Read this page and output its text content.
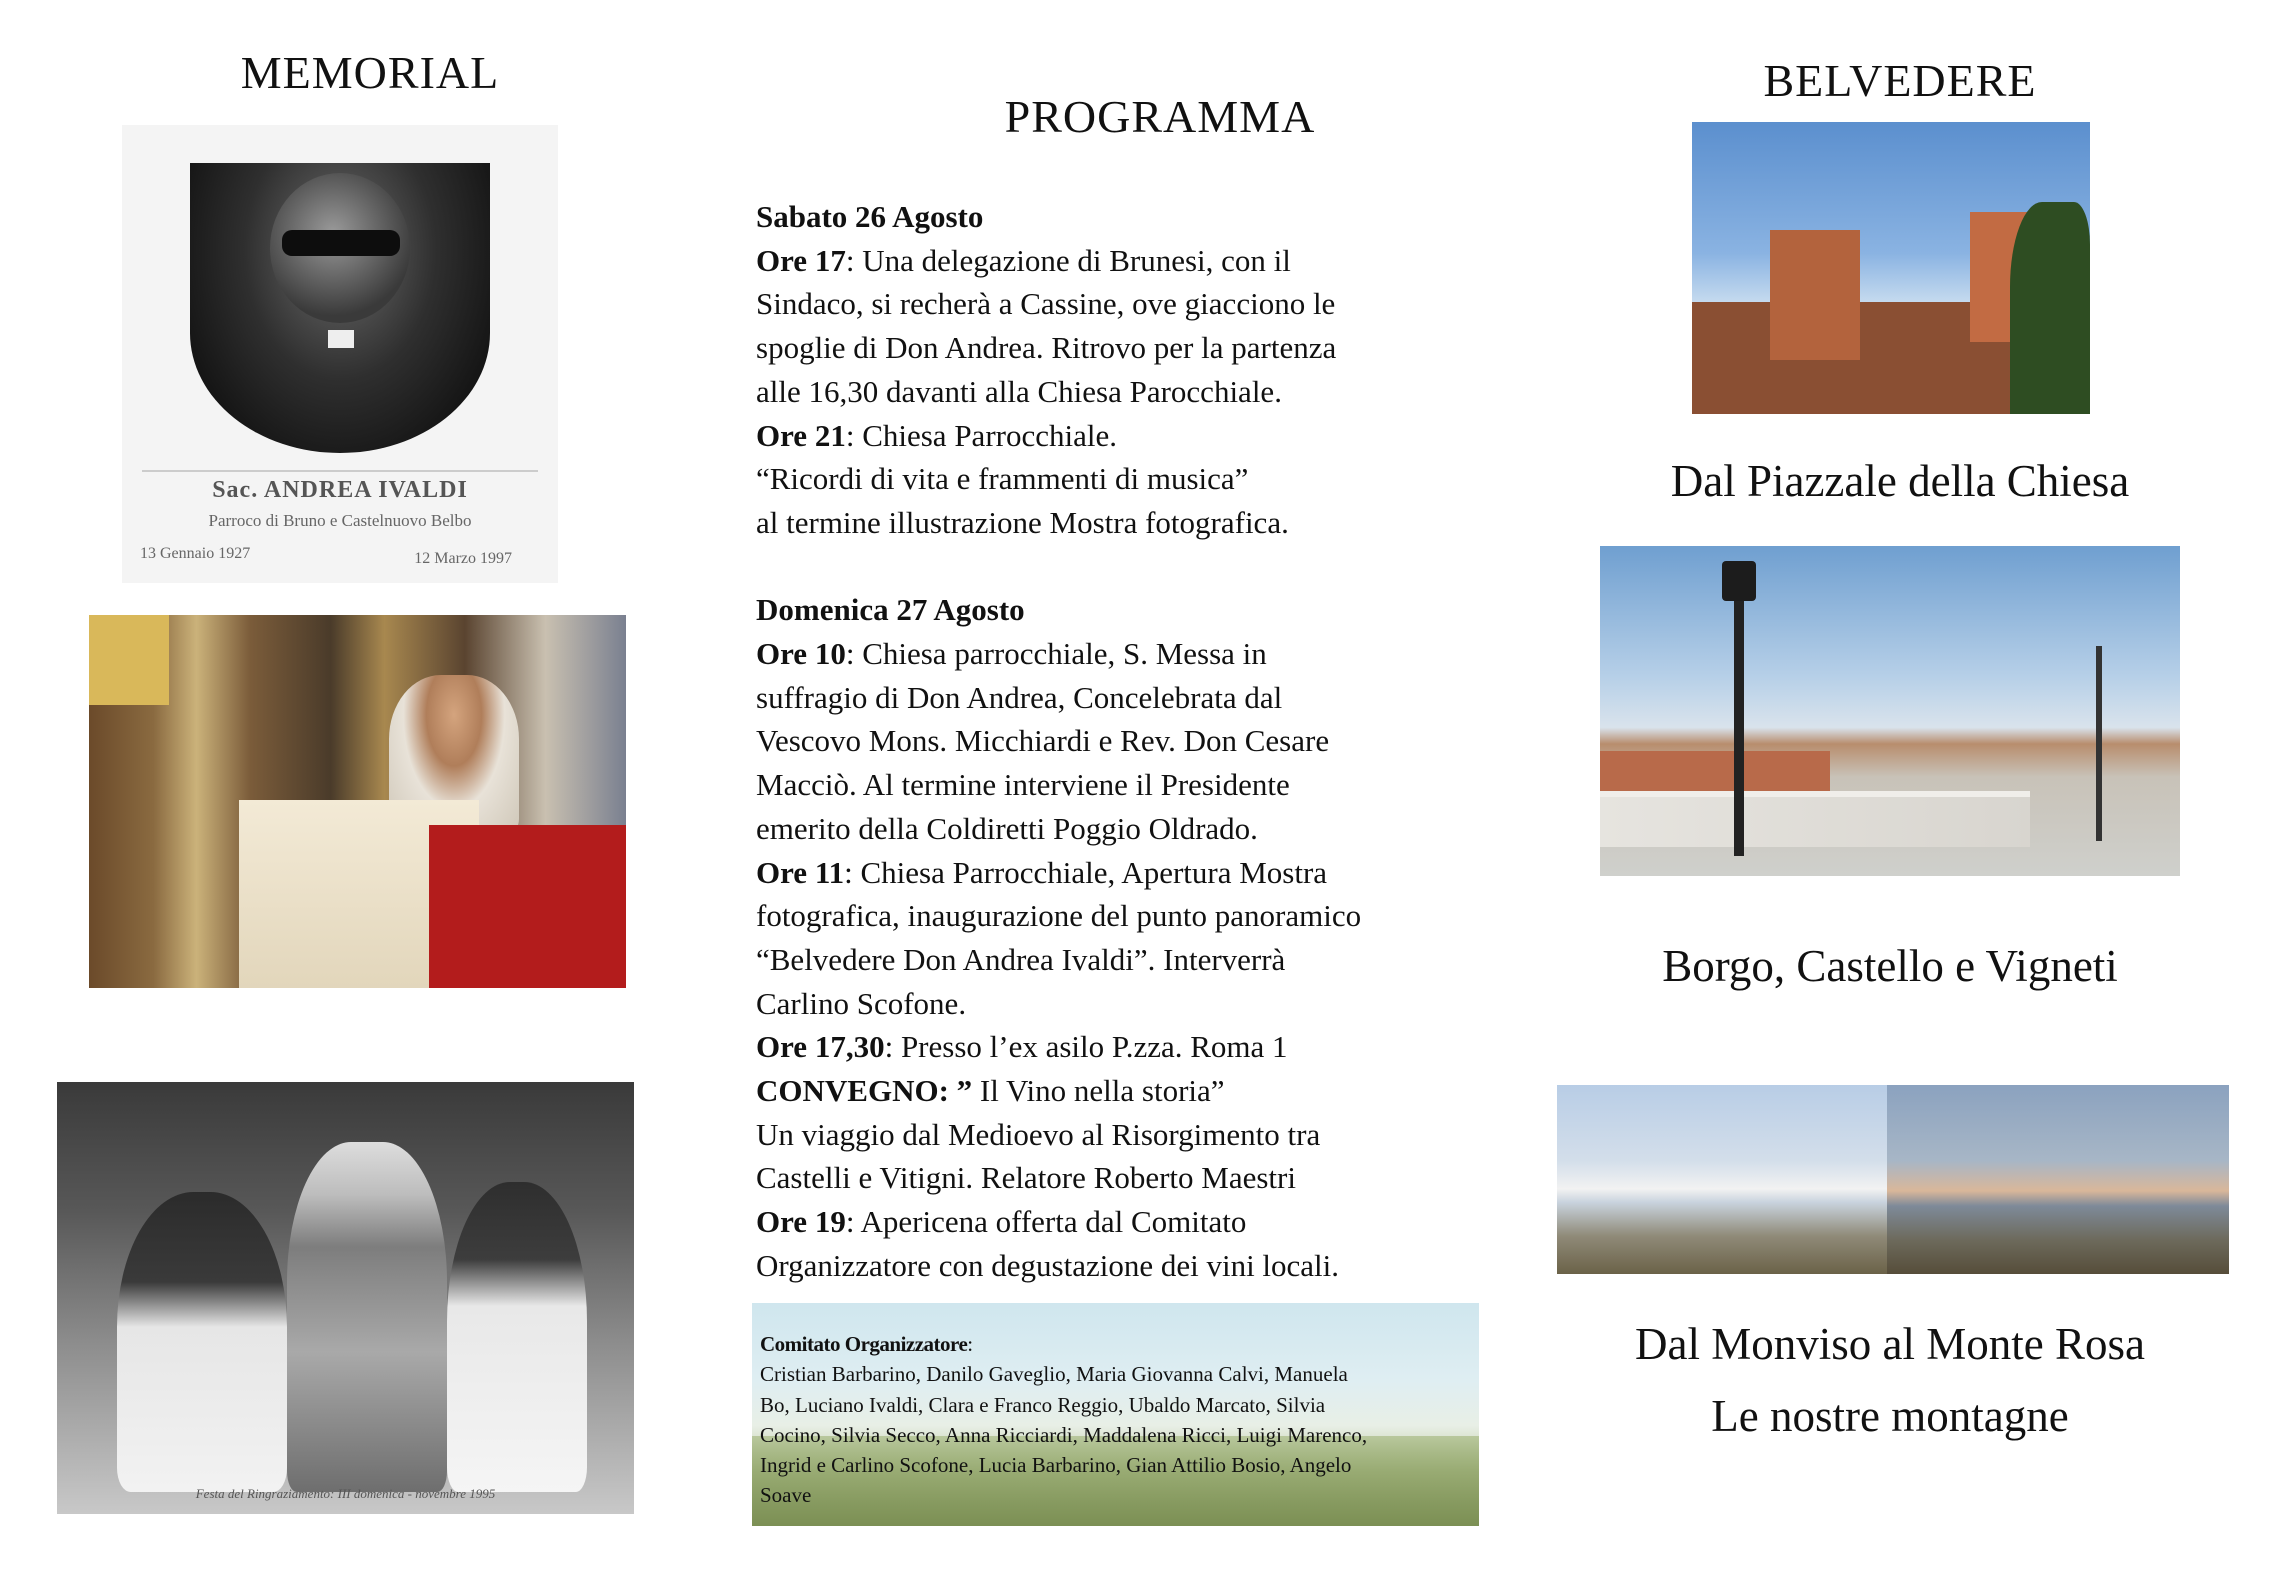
MEMORIAL
Sac. ANDREA IVALDI
Parroco di Bruno e Castelnuovo Belbo
13 Gennaio 1927	12 Marzo 1997
Festa del Ringraziamento: III domenica - novembre 1995
PROGRAMMA
Sabato 26 Agosto
Ore 17: Una delegazione di Brunesi, con il
Sindaco, si recherà a Cassine, ove giacciono le
spoglie di Don Andrea. Ritrovo per la partenza
alle 16,30 davanti alla Chiesa Parocchiale.
Ore 21: Chiesa Parrocchiale.
“Ricordi di vita e frammenti di musica”
al termine illustrazione Mostra fotografica.
Domenica 27 Agosto
Ore 10: Chiesa parrocchiale, S. Messa in
suffragio di Don Andrea, Concelebrata dal
Vescovo Mons. Micchiardi e Rev. Don Cesare
Macciò. Al termine interviene il Presidente
emerito della Coldiretti Poggio Oldrado.
Ore 11: Chiesa Parrocchiale, Apertura Mostra
fotografica, inaugurazione del punto panoramico
“Belvedere Don Andrea Ivaldi”. Interverrà
Carlino Scofone.
Ore 17,30: Presso l’ex asilo P.zza. Roma 1
CONVEGNO: ” Il Vino nella storia”
Un viaggio dal Medioevo al Risorgimento tra
Castelli e Vitigni. Relatore Roberto Maestri
Ore 19: Apericena offerta dal Comitato
Organizzatore con degustazione dei vini locali.
Comitato Organizzatore:
Cristian Barbarino, Danilo Gaveglio, Maria Giovanna Calvi, Manuela
Bo, Luciano Ivaldi, Clara e Franco Reggio, Ubaldo Marcato, Silvia
Cocino, Silvia Secco, Anna Ricciardi, Maddalena Ricci, Luigi Marenco,
Ingrid e Carlino Scofone, Lucia Barbarino, Gian Attilio Bosio, Angelo
Soave
BELVEDERE
Dal Piazzale della Chiesa
Borgo, Castello e Vigneti
Dal Monviso al Monte Rosa
Le nostre montagne
